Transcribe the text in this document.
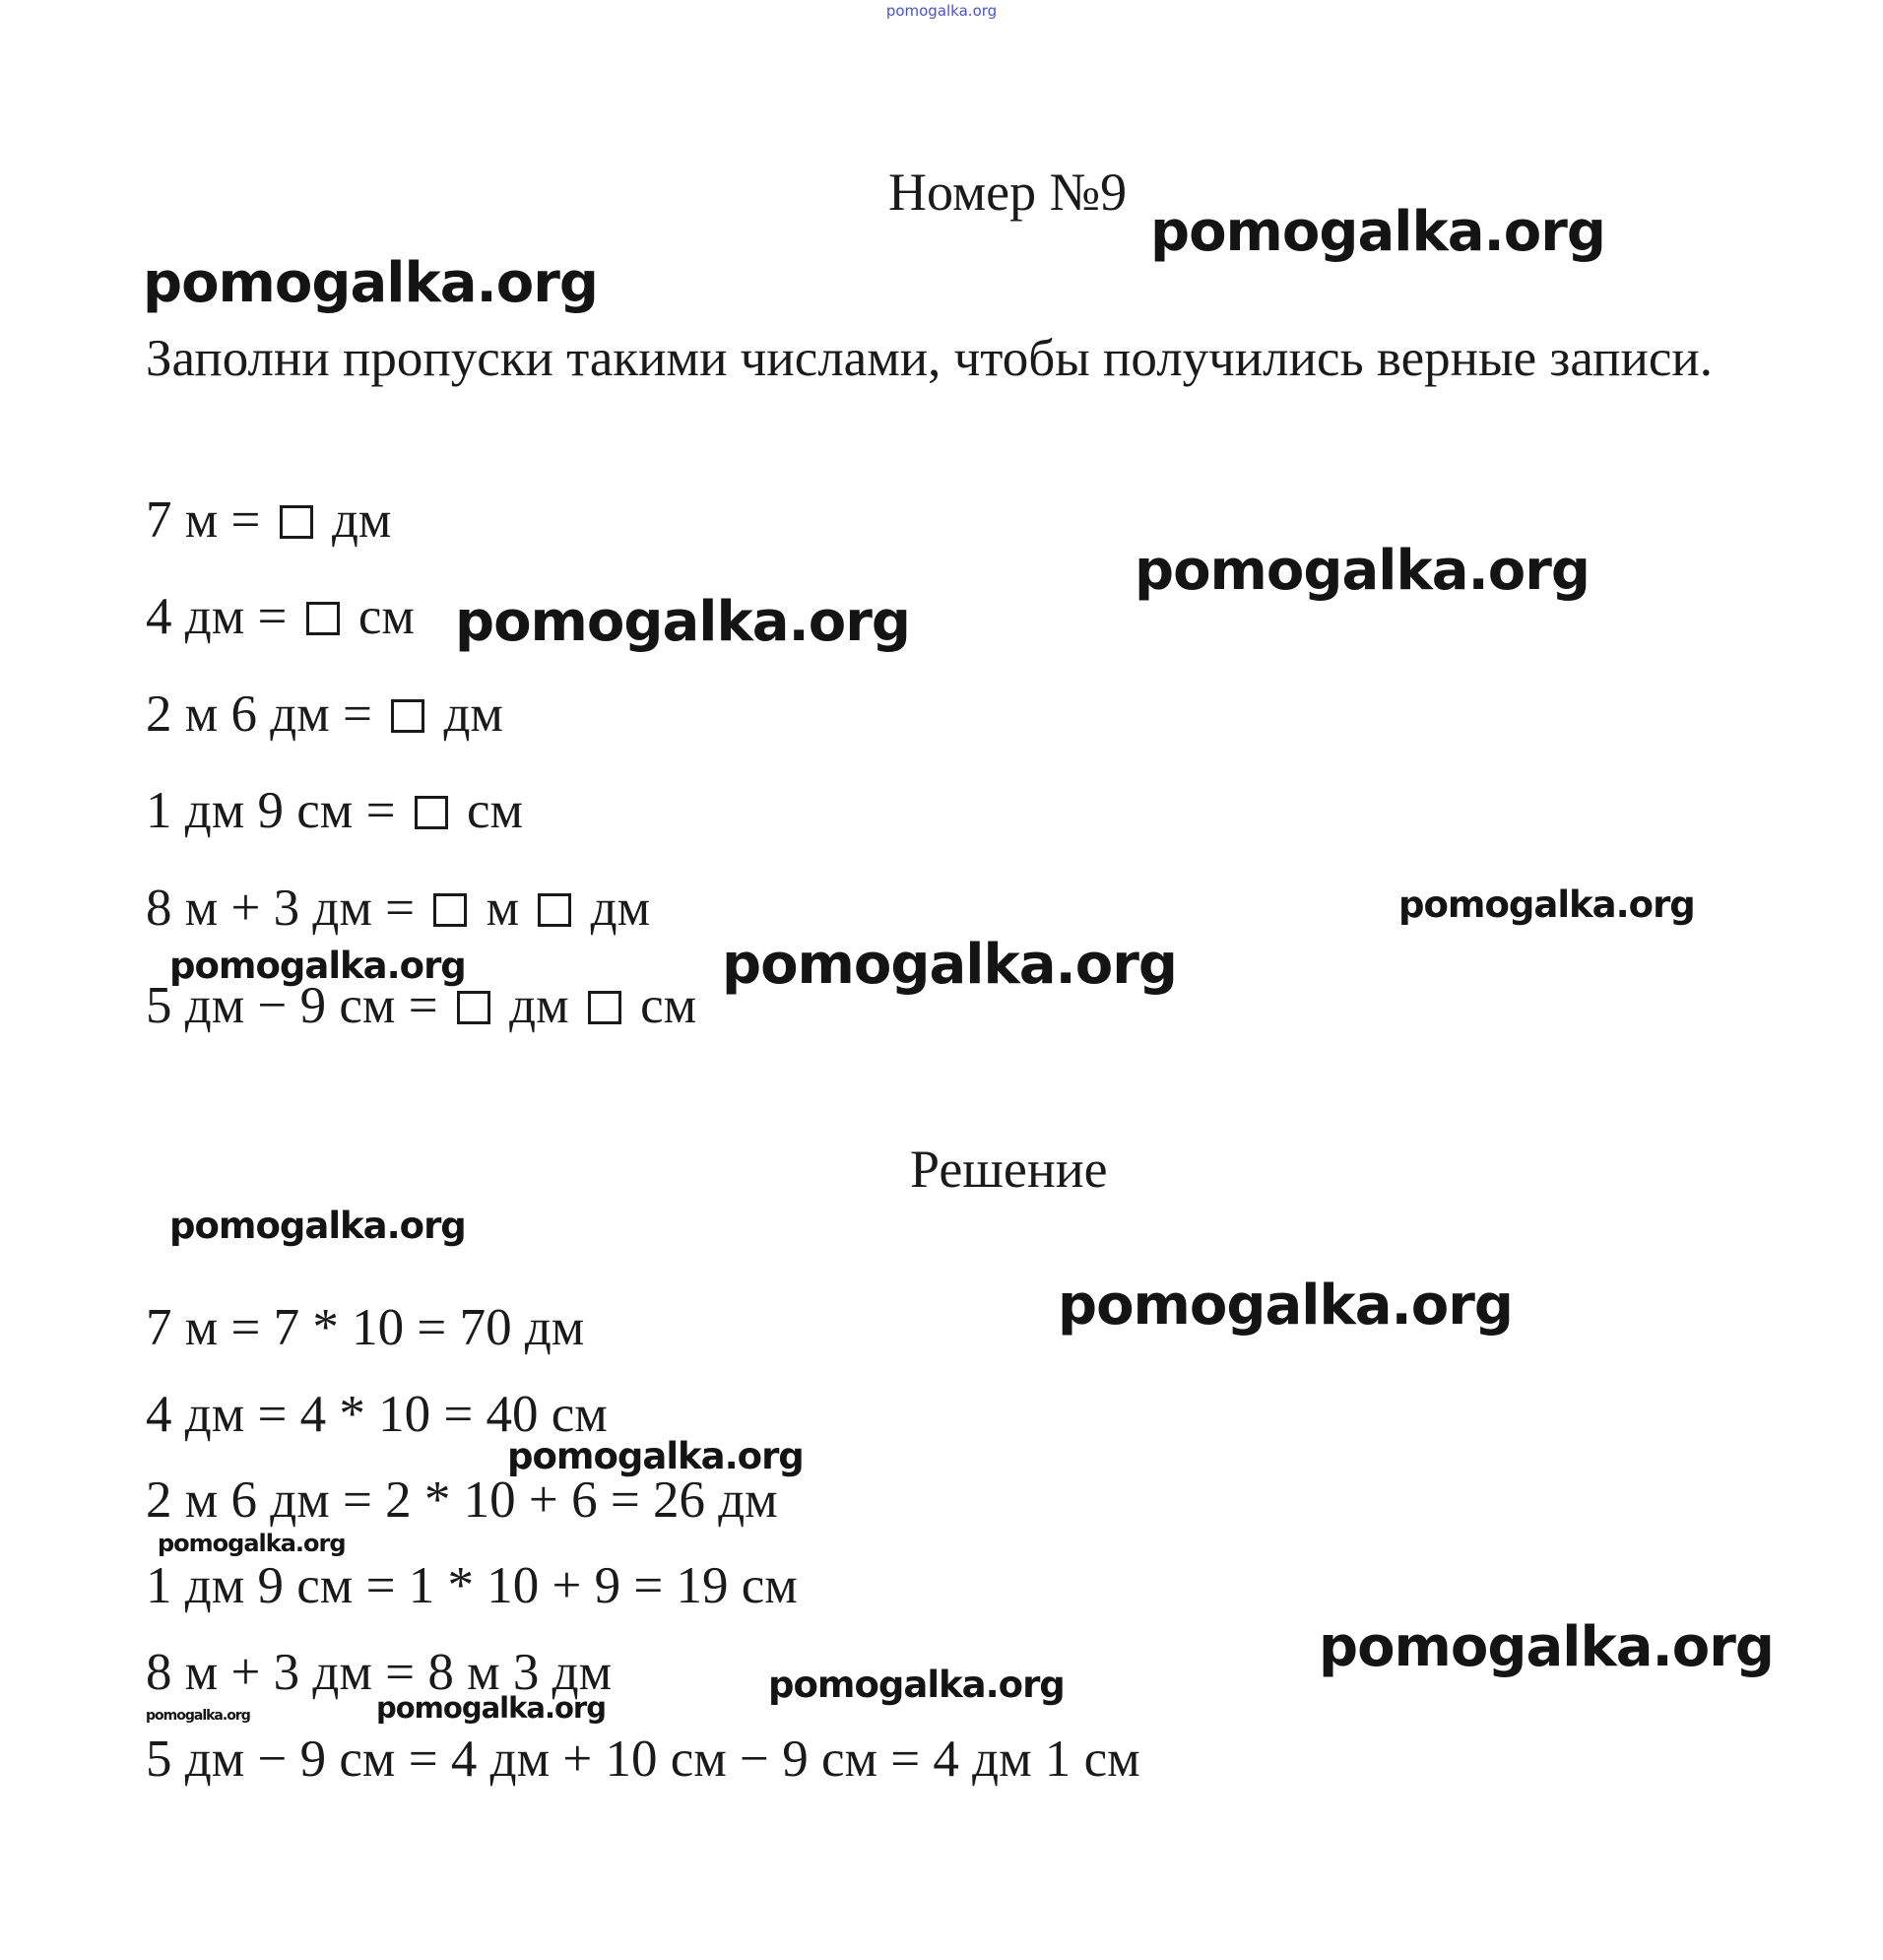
pomogalka.org
Номер №9

Заполни пропуски такими числами, чтобы получились верные записи.

7 м =  дм
4 дм =  см
2 м 6 дм =  дм
1 дм 9 см =  см
8 м + 3 дм =  м  дм
5 дм − 9 см =  дм  см
Решение
7 м = 7 * 10 = 70 дм
4 дм = 4 * 10 = 40 см
2 м 6 дм = 2 * 10 + 6 = 26 дм
1 дм 9 см = 1 * 10 + 9 = 19 см
8 м + 3 дм = 8 м 3 дм
5 дм − 9 см = 4 дм + 10 см − 9 см = 4 дм 1 см
pomogalka.org
pomogalka.org
pomogalka.org
pomogalka.org
pomogalka.org
pomogalka.org	pomogalka.org
pomogalka.org
pomogalka.org
pomogalka.org
pomogalka.org
pomogalka.org
pomogalka.org
pomogalka.org
pomogalka.org
